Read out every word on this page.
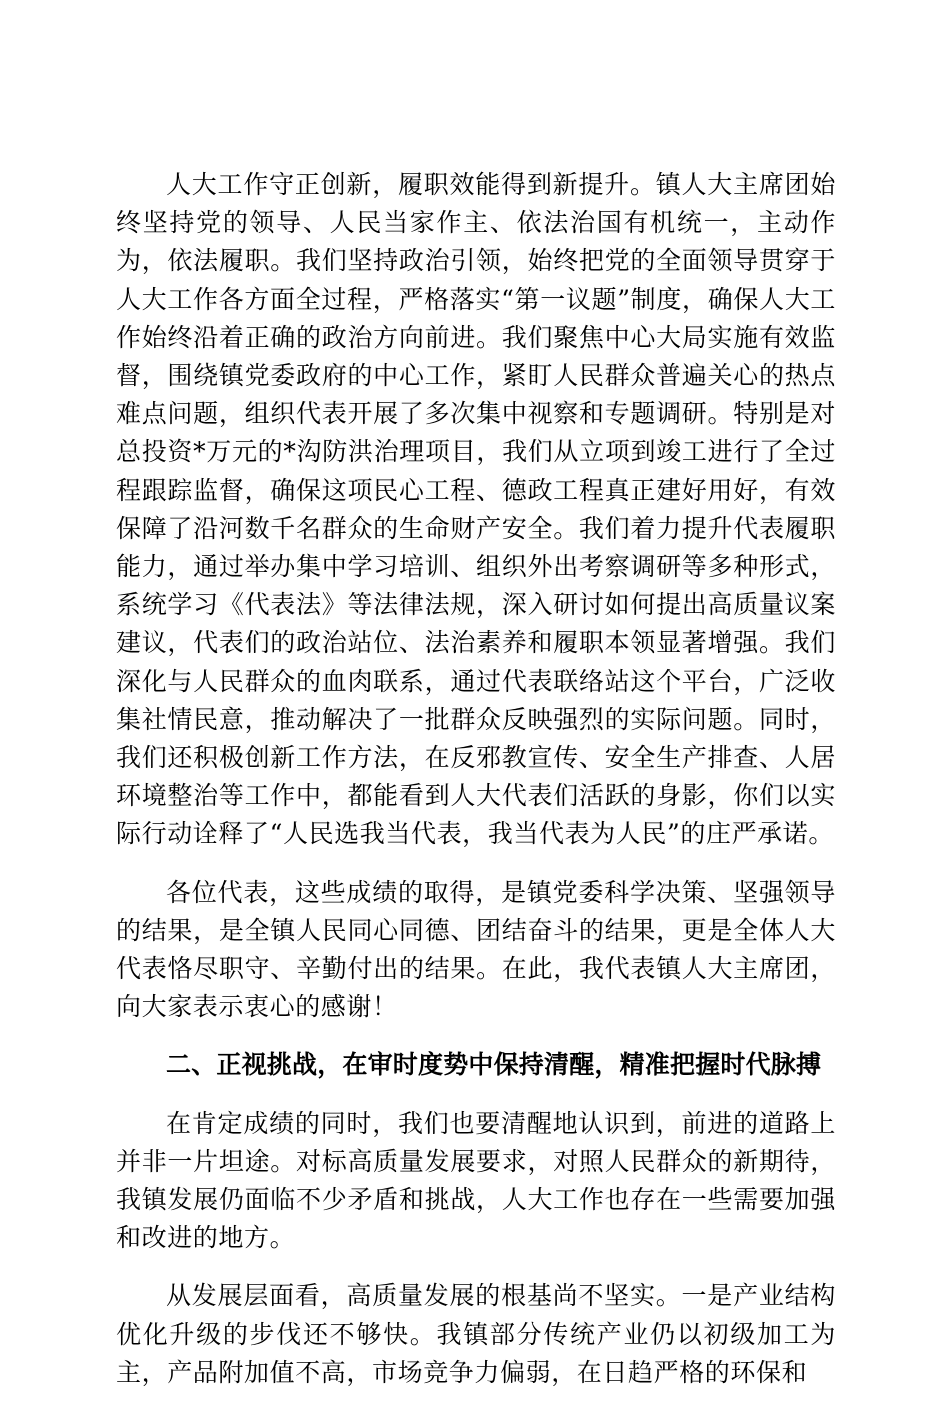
人大工作守正创新，履职效能得到新提升。镇人大主席团始终坚持党的领导、人民当家作主、依法治国有机统一，主动作为，依法履职。我们坚持政治引领，始终把党的全面领导贯穿于人大工作各方面全过程，严格落实“第一议题”制度，确保人大工作始终沿着正确的政治方向前进。我们聚焦中心大局实施有效监督，围绕镇党委政府的中心工作，紧盯人民群众普遍关心的热点难点问题，组织代表开展了多次集中视察和专题调研。特别是对总投资*万元的*沟防洪治理项目，我们从立项到竣工进行了全过程跟踪监督，确保这项民心工程、德政工程真正建好用好，有效保障了沿河数千名群众的生命财产安全。我们着力提升代表履职能力，通过举办集中学习培训、组织外出考察调研等多种形式，系统学习《代表法》等法律法规，深入研讨如何提出高质量议案建议，代表们的政治站位、法治素养和履职本领显著增强。我们深化与人民群众的血肉联系，通过代表联络站这个平台，广泛收集社情民意，推动解决了一批群众反映强烈的实际问题。同时，我们还积极创新工作方法，在反邪教宣传、安全生产排查、人居环境整治等工作中，都能看到人大代表们活跃的身影，你们以实际行动诠释了“人民选我当代表，我当代表为人民”的庄严承诺。

各位代表，这些成绩的取得，是镇党委科学决策、坚强领导的结果，是全镇人民同心同德、团结奋斗的结果，更是全体人大代表恪尽职守、辛勤付出的结果。在此，我代表镇人大主席团，向大家表示衷心的感谢！

二、正视挑战，在审时度势中保持清醒，精准把握时代脉搏

在肯定成绩的同时，我们也要清醒地认识到，前进的道路上并非一片坦途。对标高质量发展要求，对照人民群众的新期待，我镇发展仍面临不少矛盾和挑战，人大工作也存在一些需要加强和改进的地方。

从发展层面看，高质量发展的根基尚不坚实。一是产业结构优化升级的步伐还不够快。我镇部分传统产业仍以初级加工为主，产品附加值不高，市场竞争力偏弱，在日趋严格的环保和
